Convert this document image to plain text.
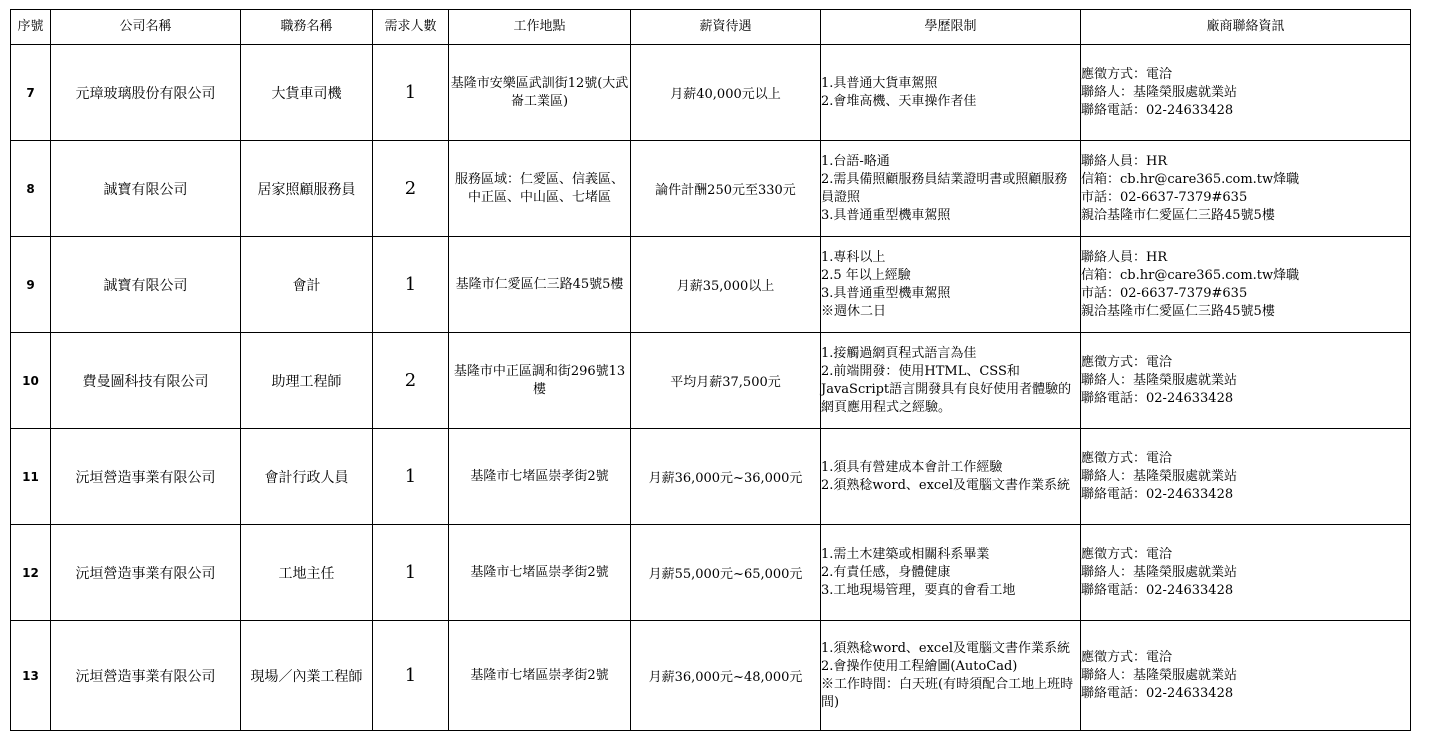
序號	公司名稱	職務名稱	需求人數	工作地點	薪資待遇	學歷限制	廠商聯絡資訊
7	元璋玻璃股份有限公司	大貨車司機	1	基隆市安樂區武訓街12號(大武崙工業區)	月薪40,000元以上	1.具普通大貨車駕照
2.會堆高機、天車操作者佳	應徵方式：電洽
聯絡人：基隆榮服處就業站
聯絡電話：02-24633428

8	誠寶有限公司	居家照顧服務員	2	服務區域：仁愛區、信義區、中正區、中山區、七堵區	論件計酬250元至330元	1.台語-略通
2.需具備照顧服務員結業證明書或照顧服務員證照
3.具普通重型機車駕照	聯絡人員：HR
信箱：cb.hr@care365.com.tw烽職
市話：02-6637-7379#635
親洽基隆市仁愛區仁三路45號5樓

9	誠寶有限公司	會計	1	基隆市仁愛區仁三路45號5樓	月薪35,000以上	1.專科以上
2.5 年以上經驗
3.具普通重型機車駕照
※週休二日	聯絡人員：HR
信箱：cb.hr@care365.com.tw烽職
市話：02-6637-7379#635
親洽基隆市仁愛區仁三路45號5樓

10	費曼圖科技有限公司	助理工程師	2	基隆市中正區調和街296號13樓	平均月薪37,500元	1.接觸過網頁程式語言為佳
2.前端開發：使用HTML、CSS和JavaScript語言開發具有良好使用者體驗的網頁應用程式之經驗。	應徵方式：電洽
聯絡人：基隆榮服處就業站
聯絡電話：02-24633428

11	沅垣營造事業有限公司	會計行政人員	1	基隆市七堵區崇孝街2號	月薪36,000元~36,000元	1.須具有營建成本會計工作經驗
2.須熟稔word、excel及電腦文書作業系統	應徵方式：電洽
聯絡人：基隆榮服處就業站
聯絡電話：02-24633428

12	沅垣營造事業有限公司	工地主任	1	基隆市七堵區崇孝街2號	月薪55,000元~65,000元	1.需土木建築或相關科系畢業
2.有責任感，身體健康
3.工地現場管理，要真的會看工地	應徵方式：電洽
聯絡人：基隆榮服處就業站
聯絡電話：02-24633428

13	沅垣營造事業有限公司	現場／內業工程師	1	基隆市七堵區崇孝街2號	月薪36,000元~48,000元	1.須熟稔word、excel及電腦文書作業系統
2.會操作使用工程繪圖(AutoCad)
※工作時間：白天班(有時須配合工地上班時間)	應徵方式：電洽
聯絡人：基隆榮服處就業站
聯絡電話：02-24633428
